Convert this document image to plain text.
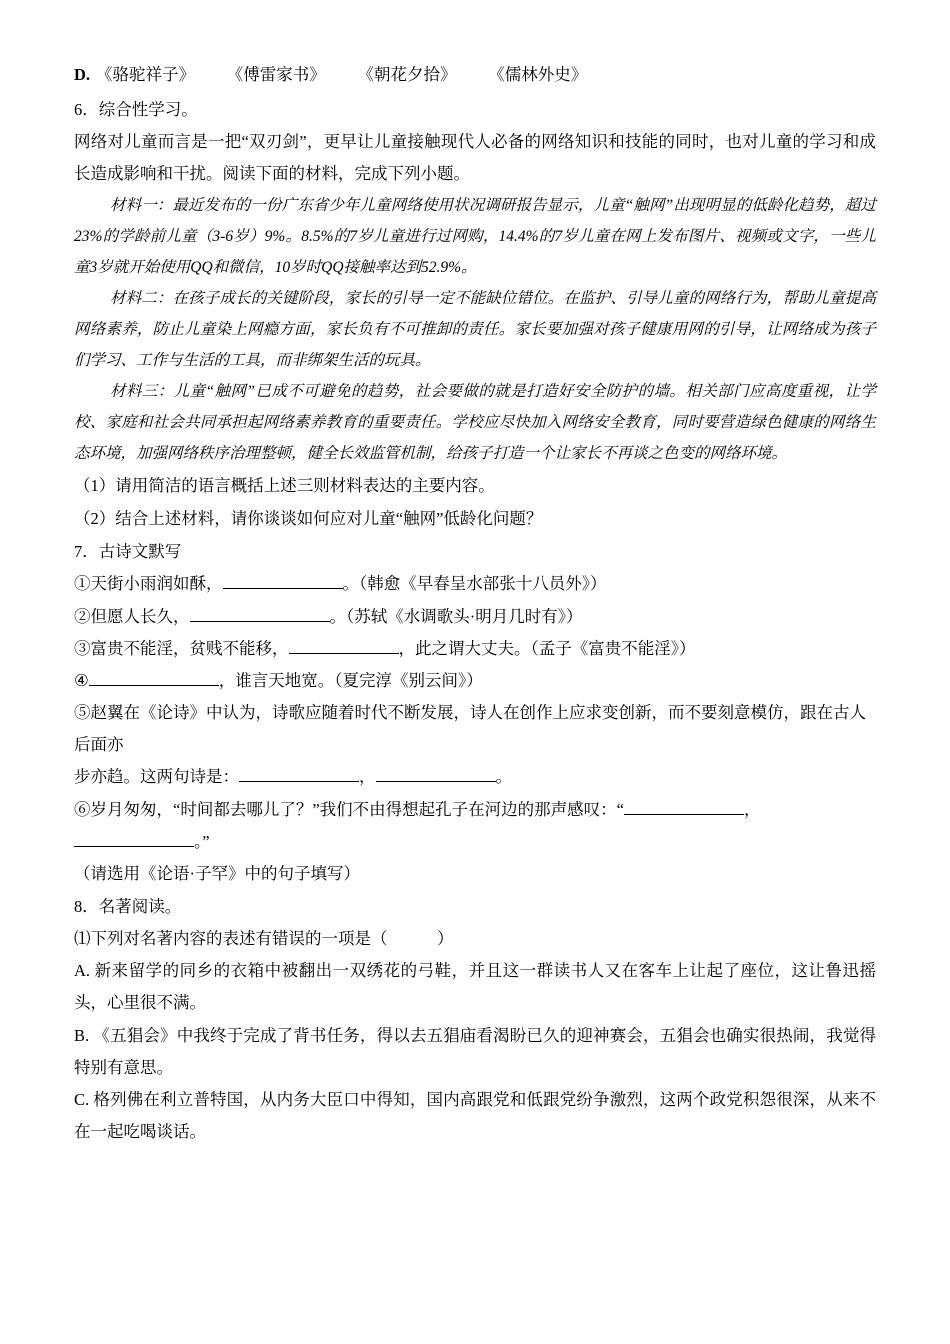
D. 《骆驼祥子》 《傅雷家书》 《朝花夕拾》 《儒林外史》
6．综合性学习。
网络对儿童而言是一把“双刃剑”，更早让儿童接触现代人必备的网络知识和技能的同时，也对儿童的学习和成长造成影响和干扰。阅读下面的材料，完成下列小题。
材料一：最近发布的一份广东省少年儿童网络使用状况调研报告显示，儿童“触网”出现明显的低龄化趋势，超过23%的学龄前儿童（3-6岁）9%。8.5%的7岁儿童进行过网购，14.4%的7岁儿童在网上发布图片、视频或文字，一些儿童3岁就开始使用QQ和微信，10岁时QQ接触率达到52.9%。
材料二：在孩子成长的关键阶段，家长的引导一定不能缺位错位。在监护、引导儿童的网络行为，帮助儿童提高网络素养，防止儿童染上网瘾方面，家长负有不可推卸的责任。家长要加强对孩子健康用网的引导，让网络成为孩子们学习、工作与生活的工具，而非绑架生活的玩具。
材料三：儿童“触网”已成不可避免的趋势，社会要做的就是打造好安全防护的墙。相关部门应高度重视，让学校、家庭和社会共同承担起网络素养教育的重要责任。学校应尽快加入网络安全教育，同时要营造绿色健康的网络生态环境，加强网络秩序治理整顿，健全长效监管机制，给孩子打造一个让家长不再谈之色变的网络环境。
（1）请用简洁的语言概括上述三则材料表达的主要内容。
（2）结合上述材料，请你谈谈如何应对儿童“触网”低龄化问题？
7．古诗文默写
①天街小雨润如酥，	。（韩愈《早春呈水部张十八员外》）
②但愿人长久，	。（苏轼《水调歌头·明月几时有》）
③富贵不能淫，贫贱不能移，	，此之谓大丈夫。（孟子《富贵不能淫》）
④	，谁言天地宽。（夏完淳《别云间》）
⑤赵翼在《论诗》中认为，诗歌应随着时代不断发展，诗人在创作上应求变创新，而不要刻意模仿，跟在古人后面亦
步亦趋。这两句诗是：	，	。
⑥岁月匆匆，“时间都去哪儿了？”我们不由得想起孔子在河边的那声感叹：“	，。”
（请选用《论语·子罕》中的句子填写）
8．名著阅读。
⑴下列对名著内容的表述有错误的一项是（　　　）
A. 新来留学的同乡的衣箱中被翻出一双绣花的弓鞋，并且这一群读书人又在客车上让起了座位，这让鲁迅摇头，心里很不满。
B. 《五猖会》中我终于完成了背书任务，得以去五猖庙看渴盼已久的迎神赛会，五猖会也确实很热闹，我觉得特别有意思。
C. 格列佛在利立普特国，从内务大臣口中得知，国内高跟党和低跟党纷争激烈，这两个政党积怨很深，从来不在一起吃喝谈话。
